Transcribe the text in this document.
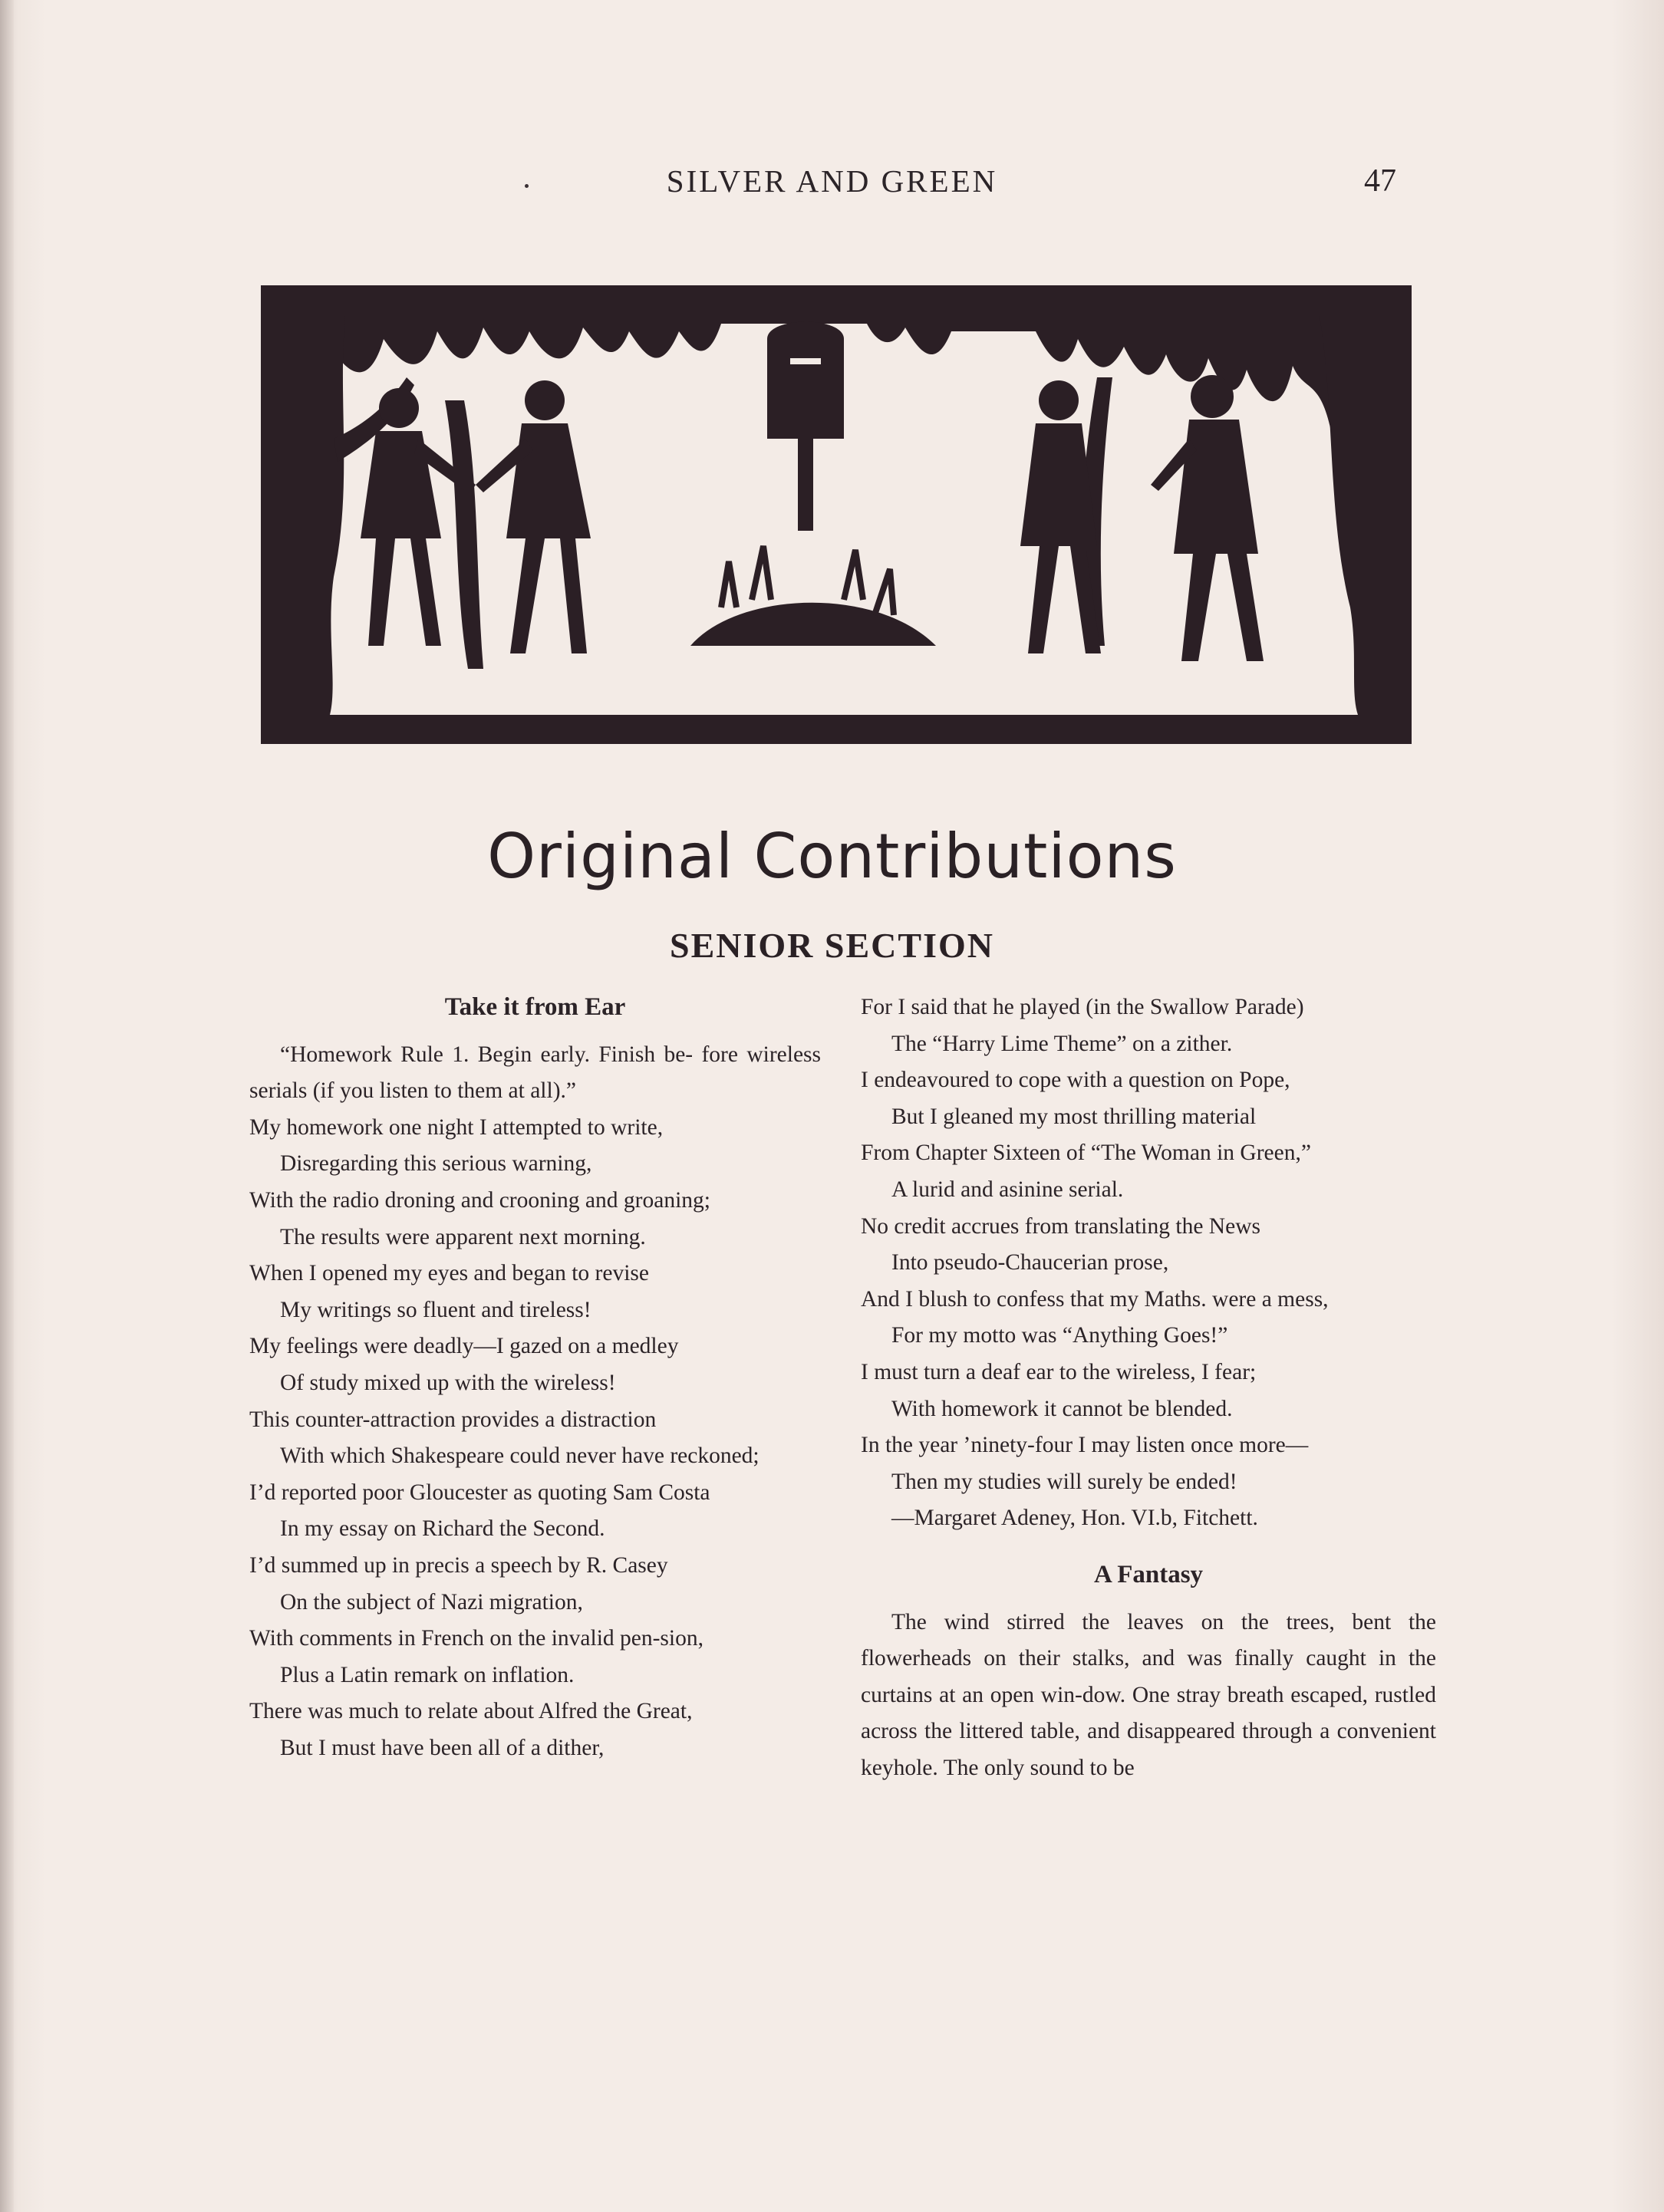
SILVER AND GREEN	47
Original Contributions
SENIOR SECTION
Take it from Ear
“Homework Rule 1. Begin early. Finish be- fore wireless serials (if you listen to them at all).”
My homework one night I attempted to write,
Disregarding this serious warning,
With the radio droning and crooning and groaning;
The results were apparent next morning.
When I opened my eyes and began to revise
My writings so fluent and tireless!
My feelings were deadly—I gazed on a medley
Of study mixed up with the wireless!
This counter-attraction provides a distraction
With which Shakespeare could never have reckoned;
I’d reported poor Gloucester as quoting Sam Costa
In my essay on Richard the Second.
I’d summed up in precis a speech by R. Casey
On the subject of Nazi migration,
With comments in French on the invalid pen-sion,
Plus a Latin remark on inflation.
There was much to relate about Alfred the Great,
But I must have been all of a dither,
For I said that he played (in the Swallow Parade)
The “Harry Lime Theme” on a zither.
I endeavoured to cope with a question on Pope,
But I gleaned my most thrilling material
From Chapter Sixteen of “The Woman in Green,”
A lurid and asinine serial.
No credit accrues from translating the News
Into pseudo-Chaucerian prose,
And I blush to confess that my Maths. were a mess,
For my motto was “Anything Goes!”
I must turn a deaf ear to the wireless, I fear;
With homework it cannot be blended.
In the year ’ninety-four I may listen once more—
Then my studies will surely be ended!
—Margaret Adeney, Hon. VI.b, Fitchett.
A Fantasy
The wind stirred the leaves on the trees, bent the flowerheads on their stalks, and was finally caught in the curtains at an open win-dow. One stray breath escaped, rustled across the littered table, and disappeared through a convenient keyhole. The only sound to be
